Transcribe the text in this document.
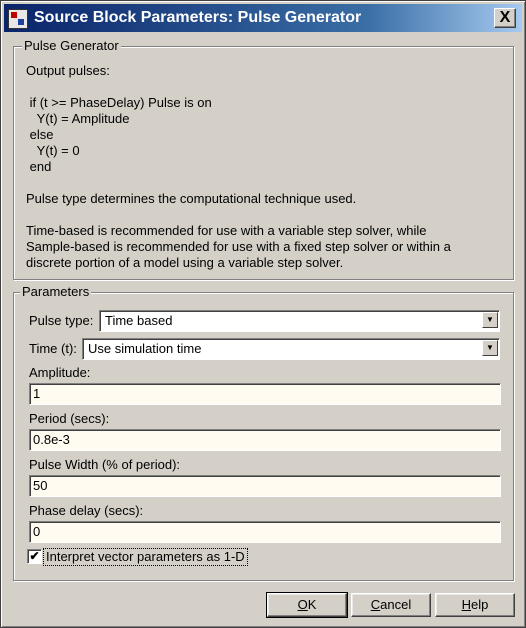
Source Block Parameters: Pulse Generator	X
Pulse Generator
Output pulses:
if (t >= PhaseDelay) Pulse is on
Y(t) = Amplitude
else
Y(t) = 0
end
Pulse type determines the computational technique used.
Time-based is recommended for use with a variable step solver, while
Sample-based is recommended for use with a fixed step solver or within a
discrete portion of a model using a variable step solver.
Parameters
Pulse type: Time based	▼
Time (t): Use simulation time	▼
Amplitude:
1
Period (secs):
0.8e-3
Pulse Width (% of period):
50
Phase delay (secs):
0
✔ Interpret vector parameters as 1-D
OK	Cancel	Help
